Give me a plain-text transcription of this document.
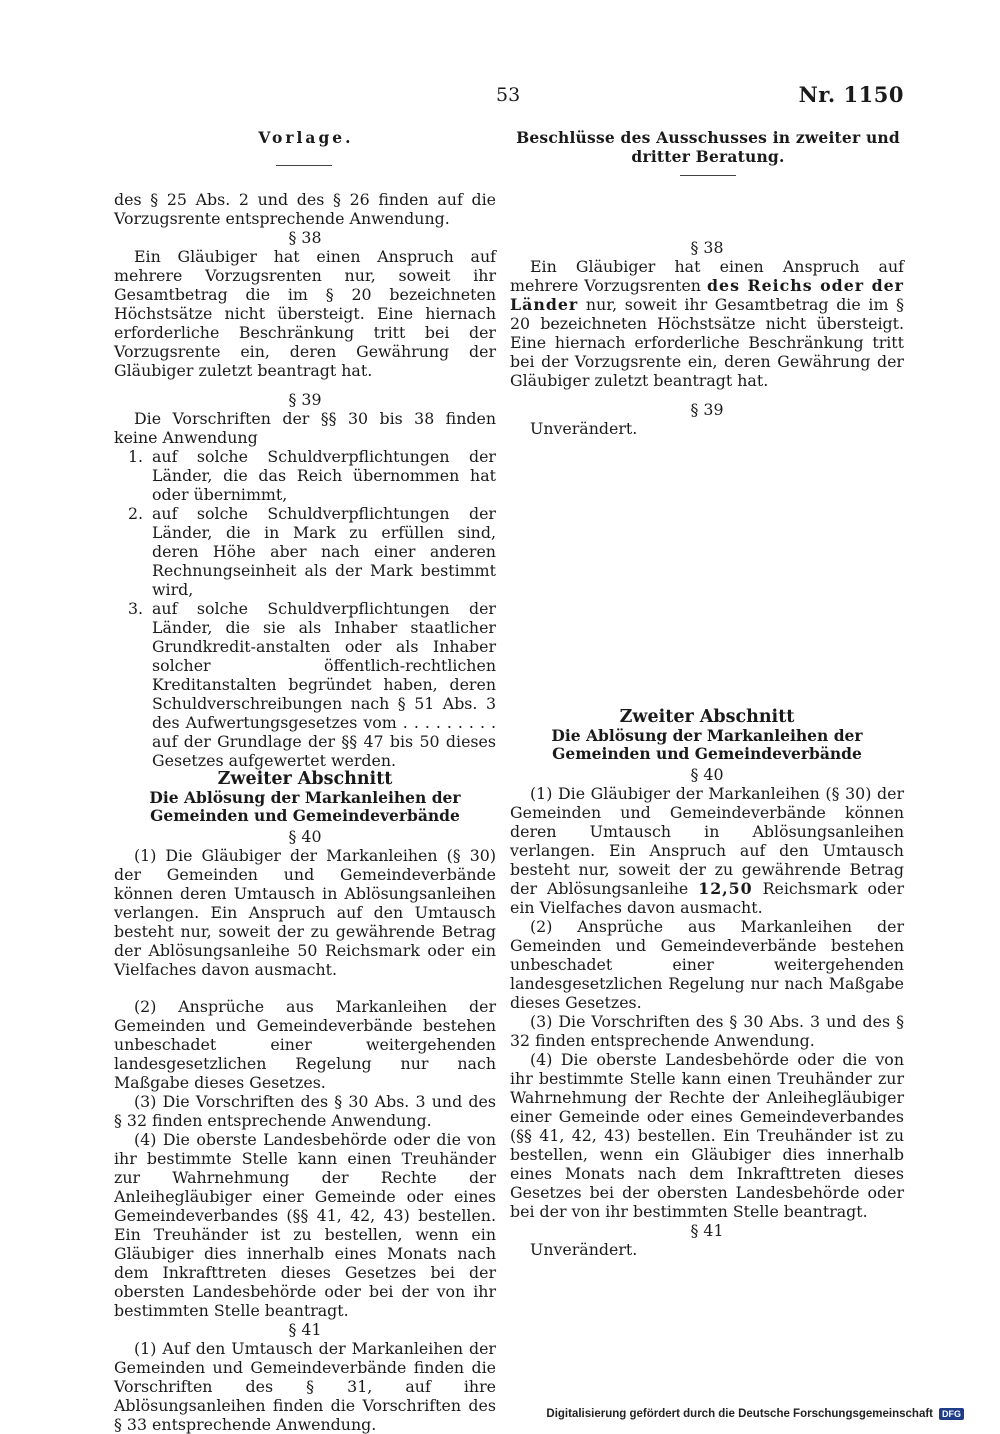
53	Nr. 1150
Vorlage.	Beschlüsse des Ausschusses in zweiter und dritter Beratung.

des § 25 Abs. 2 und des § 26 finden auf die Vorzugsrente entsprechende Anwendung.

§ 38

Ein Gläubiger hat einen Anspruch auf mehrere Vorzugsrenten nur, soweit ihr Gesamtbetrag die im § 20 bezeichneten Höchstsätze nicht übersteigt. Eine hiernach erforderliche Beschränkung tritt bei der Vorzugsrente ein, deren Gewährung der Gläubiger zuletzt beantragt hat.

§ 39

Die Vorschriften der §§ 30 bis 38 finden keine Anwendung

1. auf solche Schuldverpflichtungen der Länder, die das Reich übernommen hat oder übernimmt,
2. auf solche Schuldverpflichtungen der Länder, die in Mark zu erfüllen sind, deren Höhe aber nach einer anderen Rechnungseinheit als der Mark bestimmt wird,
3. auf solche Schuldverpflichtungen der Länder, die sie als Inhaber staatlicher Grundkredit-anstalten oder als Inhaber solcher öffentlich-rechtlichen Kreditanstalten begründet haben, deren Schuldverschreibungen nach § 51 Abs. 3 des Aufwertungsgesetzes vom . . . . . . . . . auf der Grundlage der §§ 47 bis 50 dieses Gesetzes aufgewertet werden.

Zweiter Abschnitt

Die Ablösung der Markanleihen der Gemeinden und Gemeindeverbände

§ 40

(1) Die Gläubiger der Markanleihen (§ 30) der Gemeinden und Gemeindeverbände können deren Umtausch in Ablösungsanleihen verlangen. Ein Anspruch auf den Umtausch besteht nur, soweit der zu gewährende Betrag der Ablösungsanleihe 50 Reichsmark oder ein Vielfaches davon ausmacht.

(2) Ansprüche aus Markanleihen der Gemeinden und Gemeindeverbände bestehen unbeschadet einer weitergehenden landesgesetzlichen Regelung nur nach Maßgabe dieses Gesetzes.

(3) Die Vorschriften des § 30 Abs. 3 und des § 32 finden entsprechende Anwendung.

(4) Die oberste Landesbehörde oder die von ihr bestimmte Stelle kann einen Treuhänder zur Wahrnehmung der Rechte der Anleihegläubiger einer Gemeinde oder eines Gemeindeverbandes (§§ 41, 42, 43) bestellen. Ein Treuhänder ist zu bestellen, wenn ein Gläubiger dies innerhalb eines Monats nach dem Inkrafttreten dieses Gesetzes bei der obersten Landesbehörde oder bei der von ihr bestimmten Stelle beantragt.

§ 41

(1) Auf den Umtausch der Markanleihen der Gemeinden und Gemeindeverbände finden die Vorschriften des § 31, auf ihre Ablösungsanleihen finden die Vorschriften des § 33 entsprechende Anwendung.

§ 38

Ein Gläubiger hat einen Anspruch auf mehrere Vorzugsrenten des Reichs oder der Länder nur, soweit ihr Gesamtbetrag die im § 20 bezeichneten Höchstsätze nicht übersteigt. Eine hiernach erforderliche Beschränkung tritt bei der Vorzugsrente ein, deren Gewährung der Gläubiger zuletzt beantragt hat.

§ 39

Unverändert.

Zweiter Abschnitt

Die Ablösung der Markanleihen der Gemeinden und Gemeindeverbände

§ 40

(1) Die Gläubiger der Markanleihen (§ 30) der Gemeinden und Gemeindeverbände können deren Umtausch in Ablösungsanleihen verlangen. Ein Anspruch auf den Umtausch besteht nur, soweit der zu gewährende Betrag der Ablösungsanleihe 12,50 Reichsmark oder ein Vielfaches davon ausmacht.

(2) Ansprüche aus Markanleihen der Gemeinden und Gemeindeverbände bestehen unbeschadet einer weitergehenden landesgesetzlichen Regelung nur nach Maßgabe dieses Gesetzes.

(3) Die Vorschriften des § 30 Abs. 3 und des § 32 finden entsprechende Anwendung.

(4) Die oberste Landesbehörde oder die von ihr bestimmte Stelle kann einen Treuhänder zur Wahrnehmung der Rechte der Anleihegläubiger einer Gemeinde oder eines Gemeindeverbandes (§§ 41, 42, 43) bestellen. Ein Treuhänder ist zu bestellen, wenn ein Gläubiger dies innerhalb eines Monats nach dem Inkrafttreten dieses Gesetzes bei der obersten Landesbehörde oder bei der von ihr bestimmten Stelle beantragt.

§ 41

Unverändert.

Digitalisierung gefördert durch die Deutsche Forschungsgemeinschaft	DFG
